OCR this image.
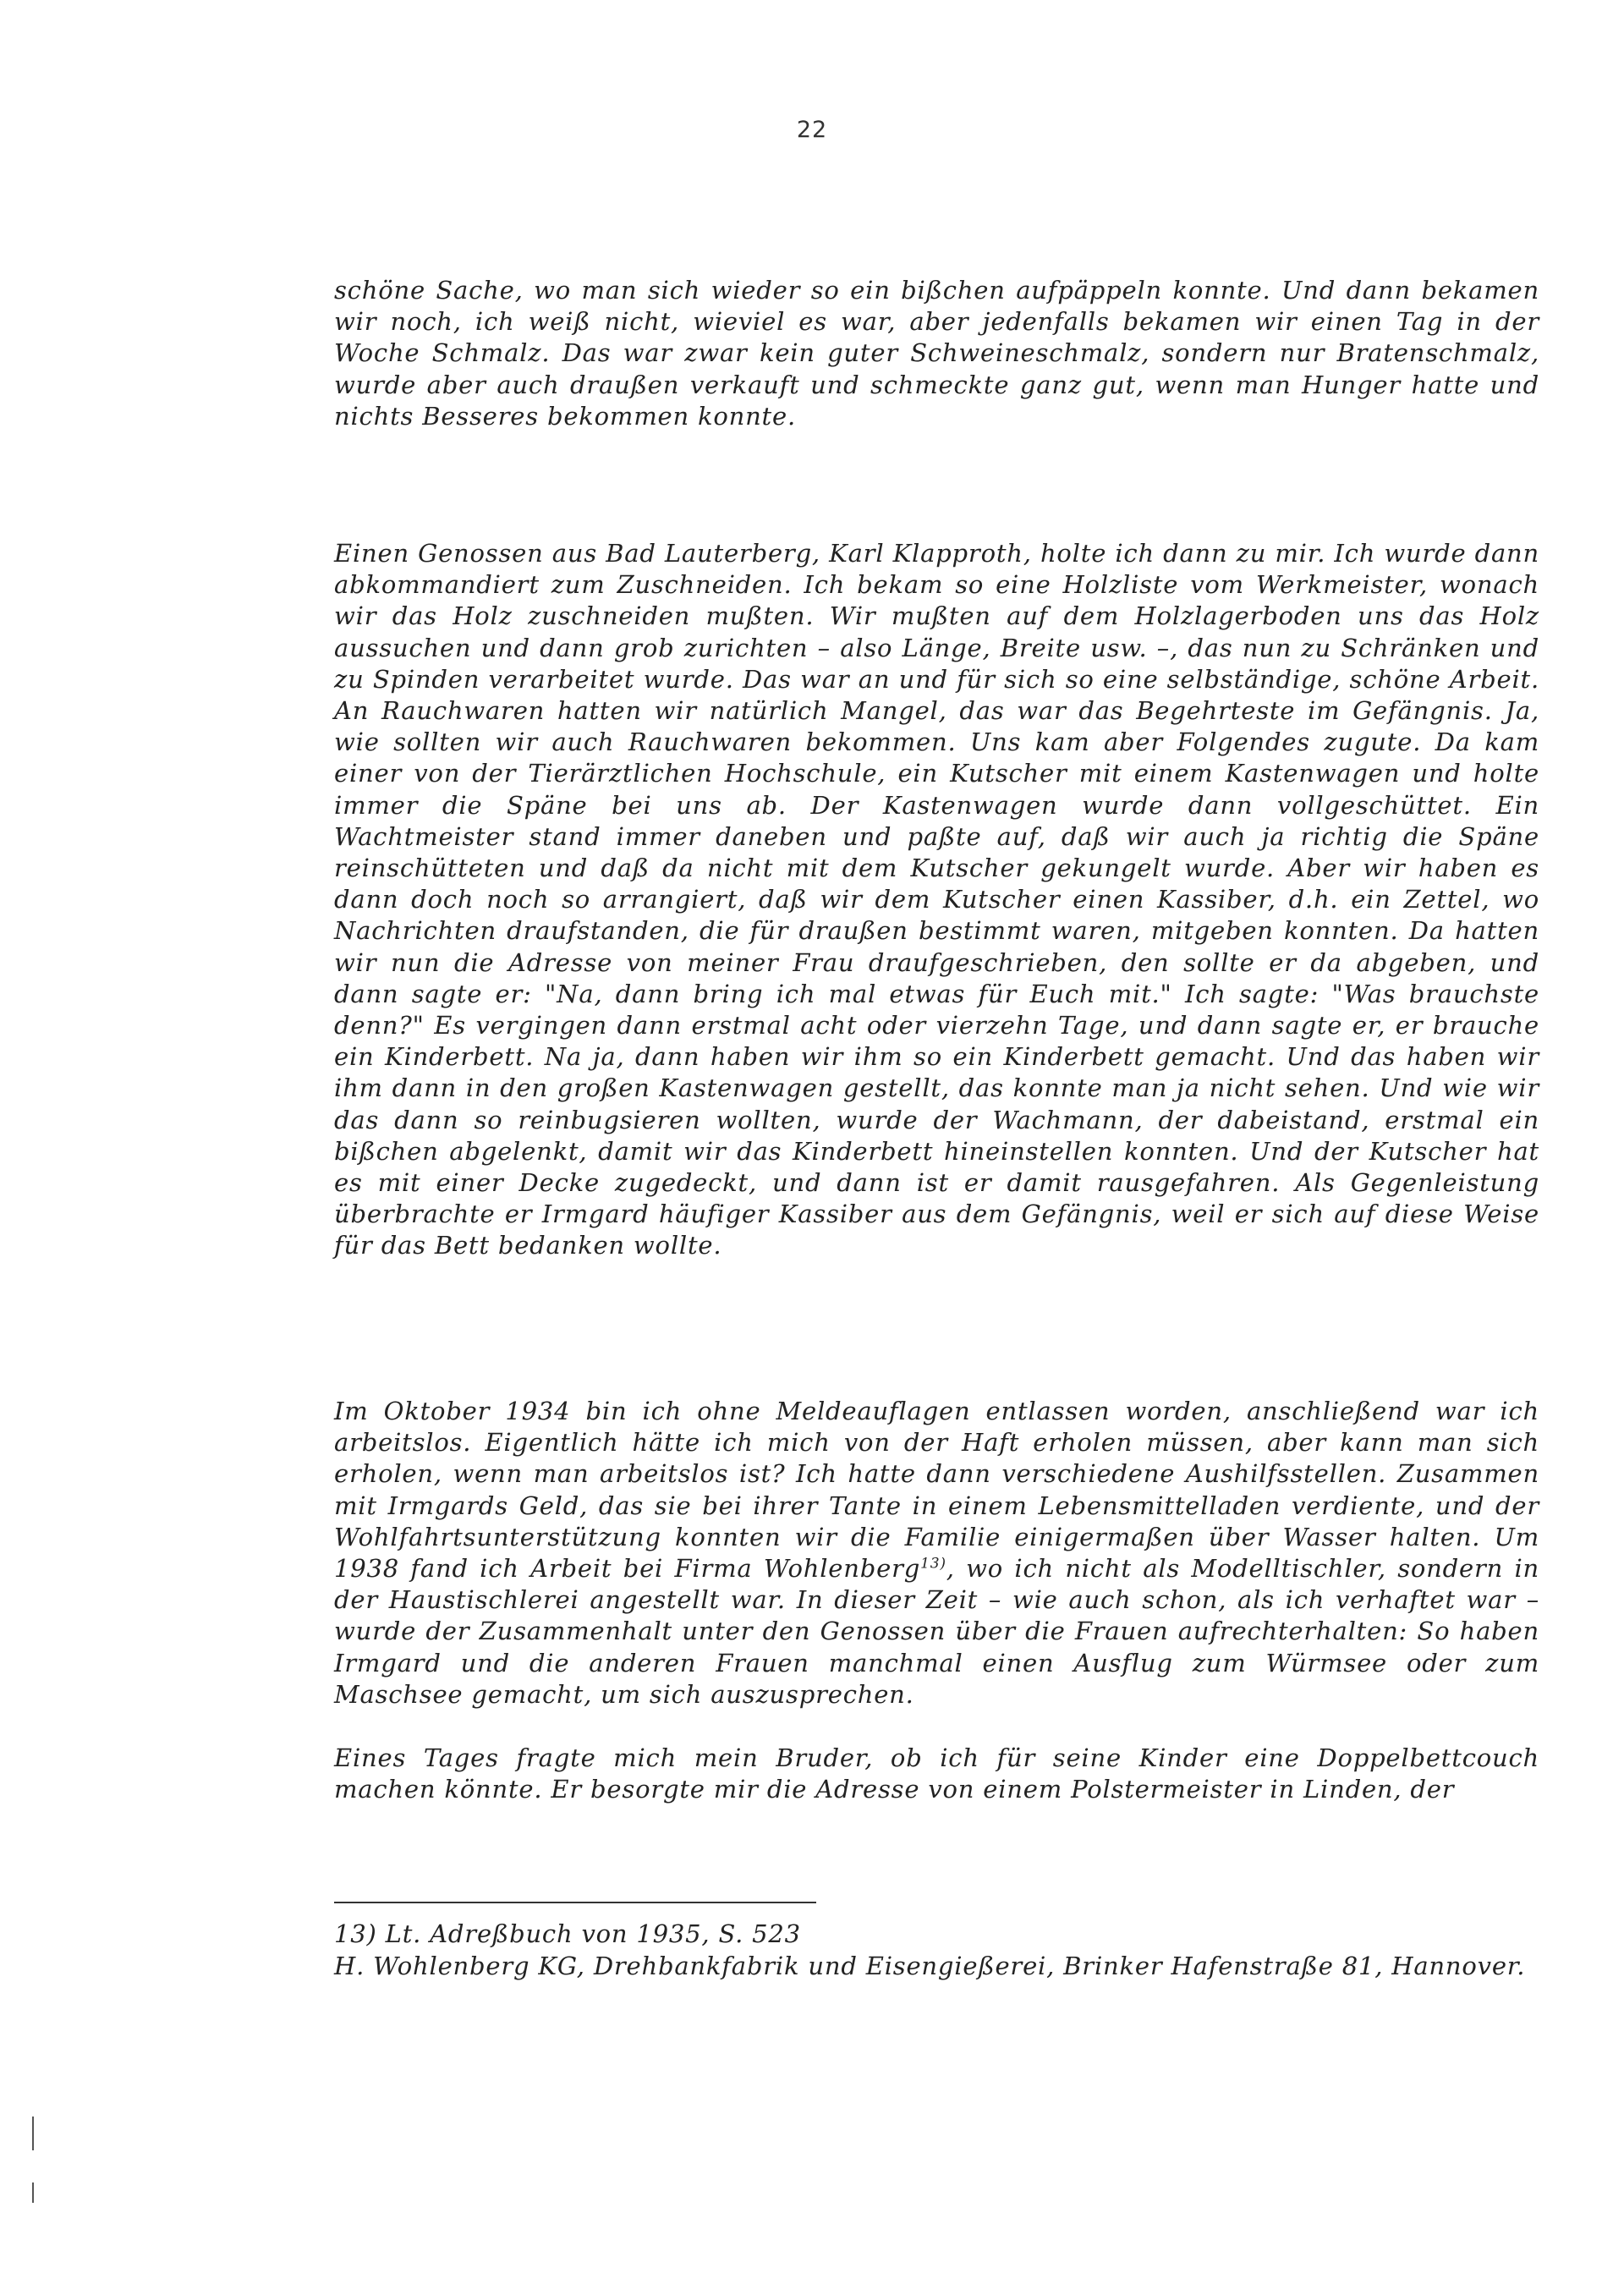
22

schöne Sache, wo man sich wieder so ein bißchen aufpäppeln konnte. Und dann bekamen wir noch, ich weiß nicht, wieviel es war, aber jedenfalls bekamen wir einen Tag in der Woche Schmalz. Das war zwar kein guter Schweineschmalz, sondern nur Bratenschmalz, wurde aber auch draußen verkauft und schmeckte ganz gut, wenn man Hunger hatte und nichts Besseres bekommen konnte.

Einen Genossen aus Bad Lauterberg, Karl Klapproth, holte ich dann zu mir. Ich wurde dann abkommandiert zum Zuschneiden. Ich bekam so eine Holzliste vom Werkmeister, wonach wir das Holz zuschneiden mußten. Wir mußten auf dem Holzlagerboden uns das Holz aussuchen und dann grob zurichten – also Länge, Breite usw. –, das nun zu Schränken und zu Spinden verarbeitet wurde. Das war an und für sich so eine selbständige, schöne Arbeit. An Rauchwaren hatten wir natürlich Mangel, das war das Begehrteste im Gefängnis. Ja, wie sollten wir auch Rauchwaren bekommen. Uns kam aber Folgendes zugute. Da kam einer von der Tierärztlichen Hochschule, ein Kutscher mit einem Kastenwagen und holte immer die Späne bei uns ab. Der Kastenwagen wurde dann vollgeschüttet. Ein Wachtmeister stand immer daneben und paßte auf, daß wir auch ja richtig die Späne reinschütteten und daß da nicht mit dem Kutscher gekungelt wurde. Aber wir haben es dann doch noch so arrangiert, daß wir dem Kutscher einen Kassiber, d.h. ein Zettel, wo Nachrichten draufstanden, die für draußen bestimmt waren, mitgeben konnten. Da hatten wir nun die Adresse von meiner Frau draufgeschrieben, den sollte er da abgeben, und dann sagte er: "Na, dann bring ich mal etwas für Euch mit." Ich sagte: "Was brauchste denn?" Es vergingen dann erstmal acht oder vierzehn Tage, und dann sagte er, er brauche ein Kinderbett. Na ja, dann haben wir ihm so ein Kinderbett gemacht. Und das haben wir ihm dann in den großen Kastenwagen gestellt, das konnte man ja nicht sehen. Und wie wir das dann so reinbugsieren wollten, wurde der Wachmann, der dabeistand, erstmal ein bißchen abgelenkt, damit wir das Kinderbett hineinstellen konnten. Und der Kutscher hat es mit einer Decke zugedeckt, und dann ist er damit rausgefahren. Als Gegenleistung überbrachte er Irmgard häufiger Kassiber aus dem Gefängnis, weil er sich auf diese Weise für das Bett bedanken wollte.

Im Oktober 1934 bin ich ohne Meldeauflagen entlassen worden, anschließend war ich arbeitslos. Eigentlich hätte ich mich von der Haft erholen müssen, aber kann man sich erholen, wenn man arbeitslos ist? Ich hatte dann verschiedene Aushilfsstellen. Zusammen mit Irmgards Geld, das sie bei ihrer Tante in einem Lebensmittelladen verdiente, und der Wohlfahrtsunterstützung konnten wir die Familie einigermaßen über Wasser halten. Um 1938 fand ich Arbeit bei Firma Wohlenberg$^{13)}$, wo ich nicht als Modelltischler, sondern in der Haustischlerei angestellt war. In dieser Zeit – wie auch schon, als ich verhaftet war – wurde der Zusammenhalt unter den Genossen über die Frauen aufrechterhalten: So haben Irmgard und die anderen Frauen manchmal einen Ausflug zum Würmsee oder zum Maschsee gemacht, um sich auszusprechen.

Eines Tages fragte mich mein Bruder, ob ich für seine Kinder eine Doppelbettcouch machen könnte. Er besorgte mir die Adresse von einem Polstermeister in Linden, der

13) Lt. Adreßbuch von 1935, S. 523

H. Wohlenberg KG, Drehbankfabrik und Eisengießerei, Brinker Hafenstraße 81, Hannover.
